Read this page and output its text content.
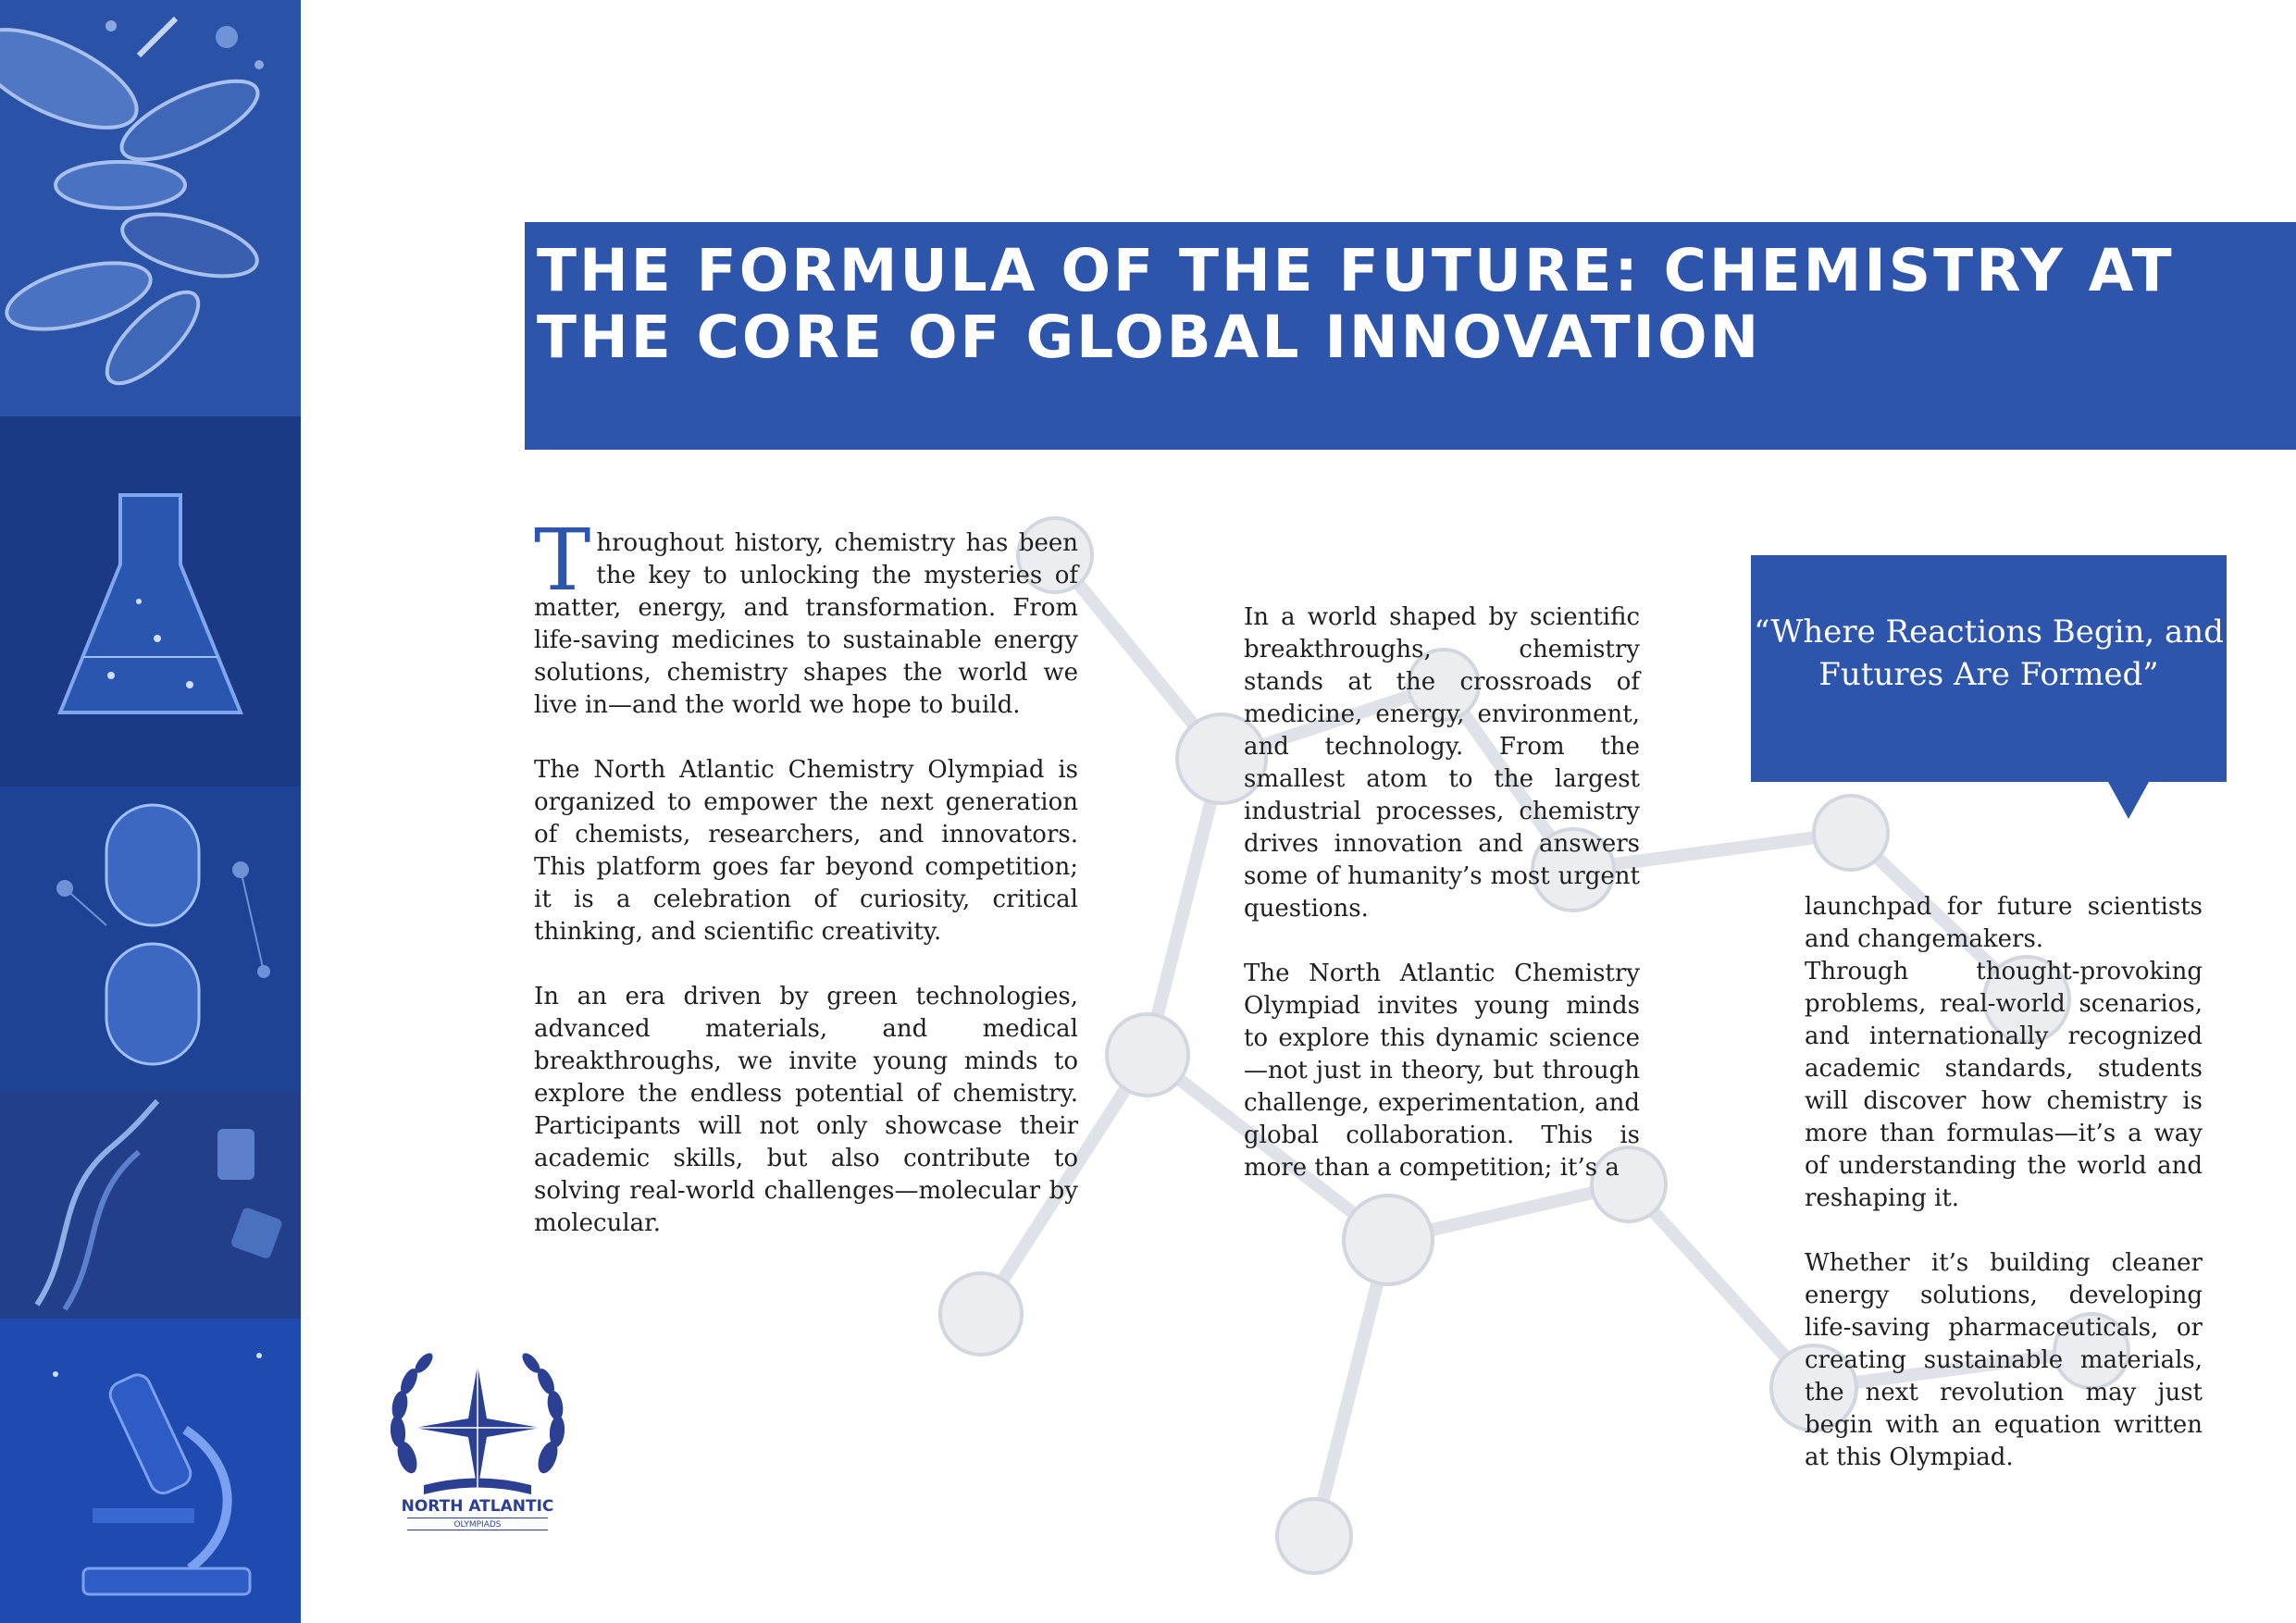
THE FORMULA OF THE FUTURE: CHEMISTRY AT THE CORE OF GLOBAL INNOVATION

Throughout history, chemistry has been the key to unlocking the mysteries of matter, energy, and transformation. From life-saving medicines to sustainable energy solutions, chemistry shapes the world we live in—and the world we hope to build.

The North Atlantic Chemistry Olympiad is organized to empower the next generation of chemists, researchers, and innovators. This platform goes far beyond competition; it is a celebration of curiosity, critical thinking, and scientific creativity.

In an era driven by green technologies, advanced materials, and medical breakthroughs, we invite young minds to explore the endless potential of chemistry. Participants will not only showcase their academic skills, but also contribute to solving real-world challenges—molecular by molecular.

In a world shaped by scientific breakthroughs, chemistry stands at the crossroads of medicine, energy, environment, and technology. From the smallest atom to the largest industrial processes, chemistry drives innovation and answers some of humanity’s most urgent questions.

The North Atlantic Chemistry Olympiad invites young minds to explore this dynamic science—not just in theory, but through challenge, experimentation, and global collaboration. This is more than a competition; it’s a

“Where Reactions Begin, and Futures Are Formed”

launchpad for future scientists and changemakers.

Through thought-provoking problems, real-world scenarios, and internationally recognized academic standards, students will discover how chemistry is more than formulas—it’s a way of understanding the world and reshaping it.

Whether it’s building cleaner energy solutions, developing life-saving pharmaceuticals, or creating sustainable materials, the next revolution may just begin with an equation written at this Olympiad.

NORTH ATLANTIC

OLYMPIADS
